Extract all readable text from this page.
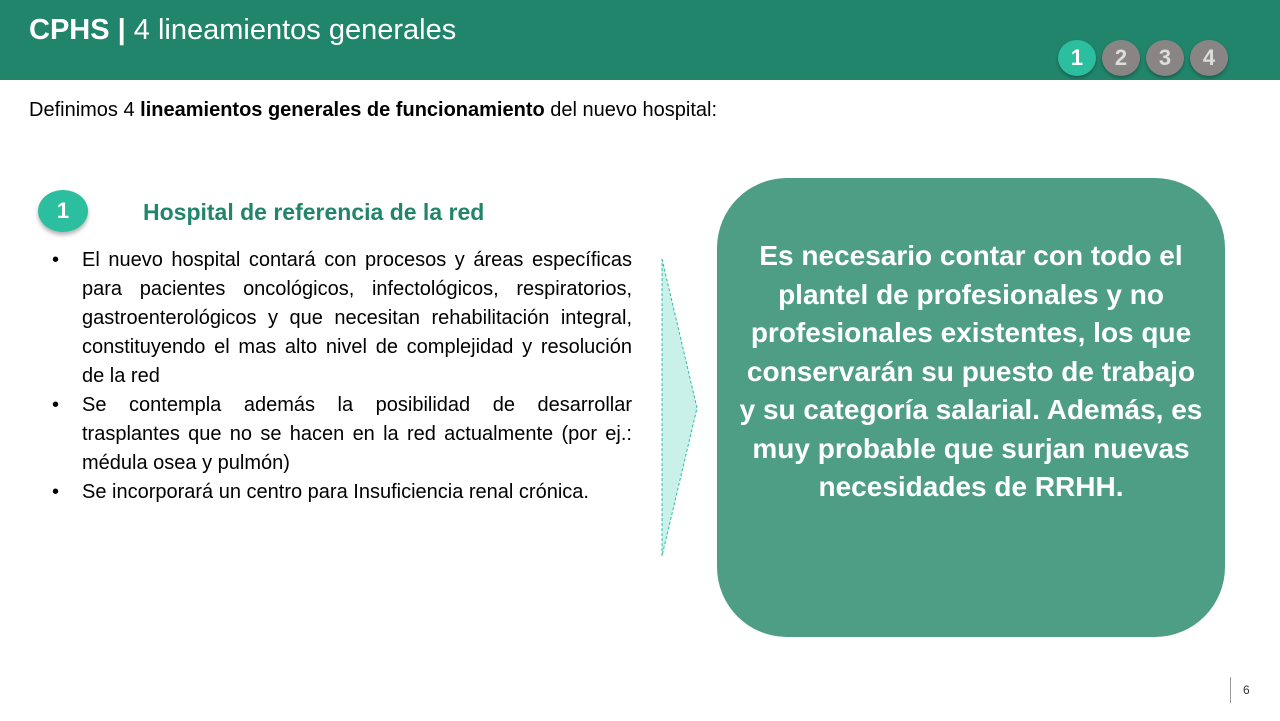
CPHS | 4 lineamientos generales
1	2	3	4
Definimos 4 lineamientos generales de funcionamiento del nuevo hospital:
1	Hospital de referencia de la red
• El nuevo hospital contará con procesos y áreas específicas para pacientes oncológicos, infectológicos, respiratorios, gastroenterológicos y que necesitan rehabilitación integral, constituyendo el mas alto nivel de complejidad y resolución de la red
• Se contempla además la posibilidad de desarrollar trasplantes que no se hacen en la red actualmente (por ej.: médula osea y pulmón)
• Se incorporará un centro para Insuficiencia renal crónica.
Es necesario contar con todo el plantel de profesionales y no profesionales existentes, los que conservarán su puesto de trabajo y su categoría salarial. Además, es muy probable que surjan nuevas necesidades de RRHH.
6
